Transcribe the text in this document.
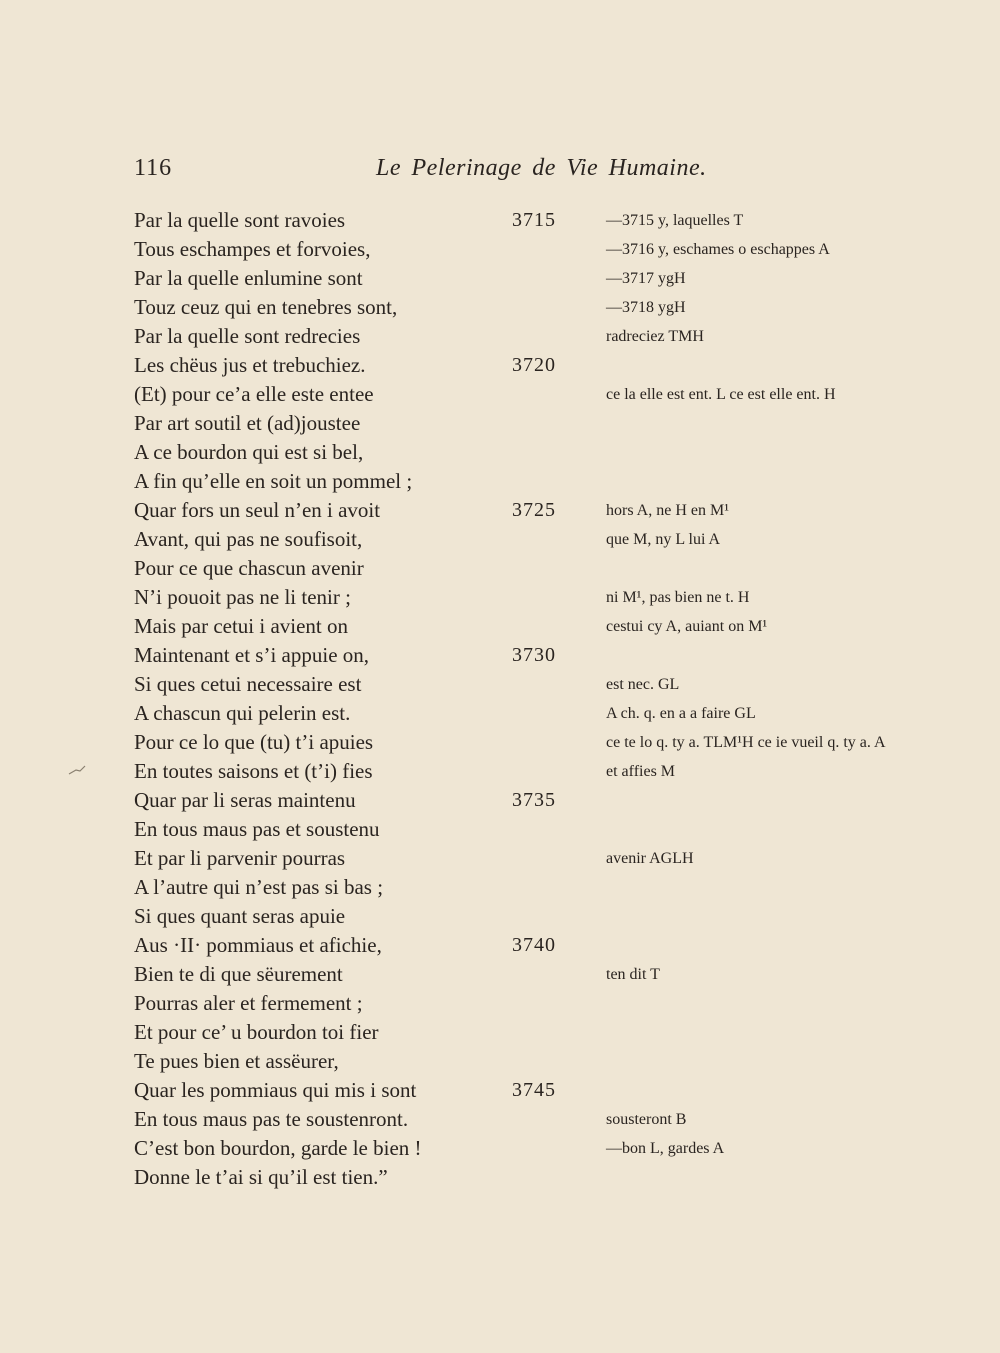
116	Le Pelerinage de Vie Humaine.
Par la quelle sont ravoies
Tous eschampes et forvoies,
Par la quelle enlumine sont
Touz ceuz qui en tenebres sont,
Par la quelle sont redrecies
Les chëus jus et trebuchiez.
(Et) pour ce’a elle este entee
Par art soutil et (ad)joustee
A ce bourdon qui est si bel,
A fin qu’elle en soit un pommel ;
Quar fors un seul n’en i avoit
Avant, qui pas ne soufisoit,
Pour ce que chascun avenir
N’i pouoit pas ne li tenir ;
Mais par cetui i avient on
Maintenant et s’i appuie on,
Si ques cetui necessaire est
A chascun qui pelerin est.
Pour ce lo que (tu) t’i apuies
En toutes saisons et (t’i) fies
Quar par li seras maintenu
En tous maus pas et soustenu
Et par li parvenir pourras
A l’autre qui n’est pas si bas ;
Si ques quant seras apuie
Aus ·II· pommiaus et afichie,
Bien te di que sëurement
Pourras aler et fermement ;
Et pour ce’ u bourdon toi fier
Te pues bien et assëurer,
Quar les pommiaus qui mis i sont
En tous maus pas te soustenront.
C’est bon bourdon, garde le bien !
Donne le t’ai si qu’il est tien.”
3715
3720
3725
3730
3735
3740
3745
—3715 y, laquelles T
—3716 y, eschames o eschappes A
—3717 ygH
—3718 ygH
radreciez TMH
ce la elle est ent. L ce est elle ent. H
hors A, ne H en M¹
que M, ny L lui A
ni M¹, pas bien ne t. H
cestui cy A, auiant on M¹
est nec. GL
A ch. q. en a a faire GL
ce te lo q. ty a. TLM¹H ce ie vueil q. ty a. A
et affies M
avenir AGLH
ten dit T
sousteront B
—bon L, gardes A
